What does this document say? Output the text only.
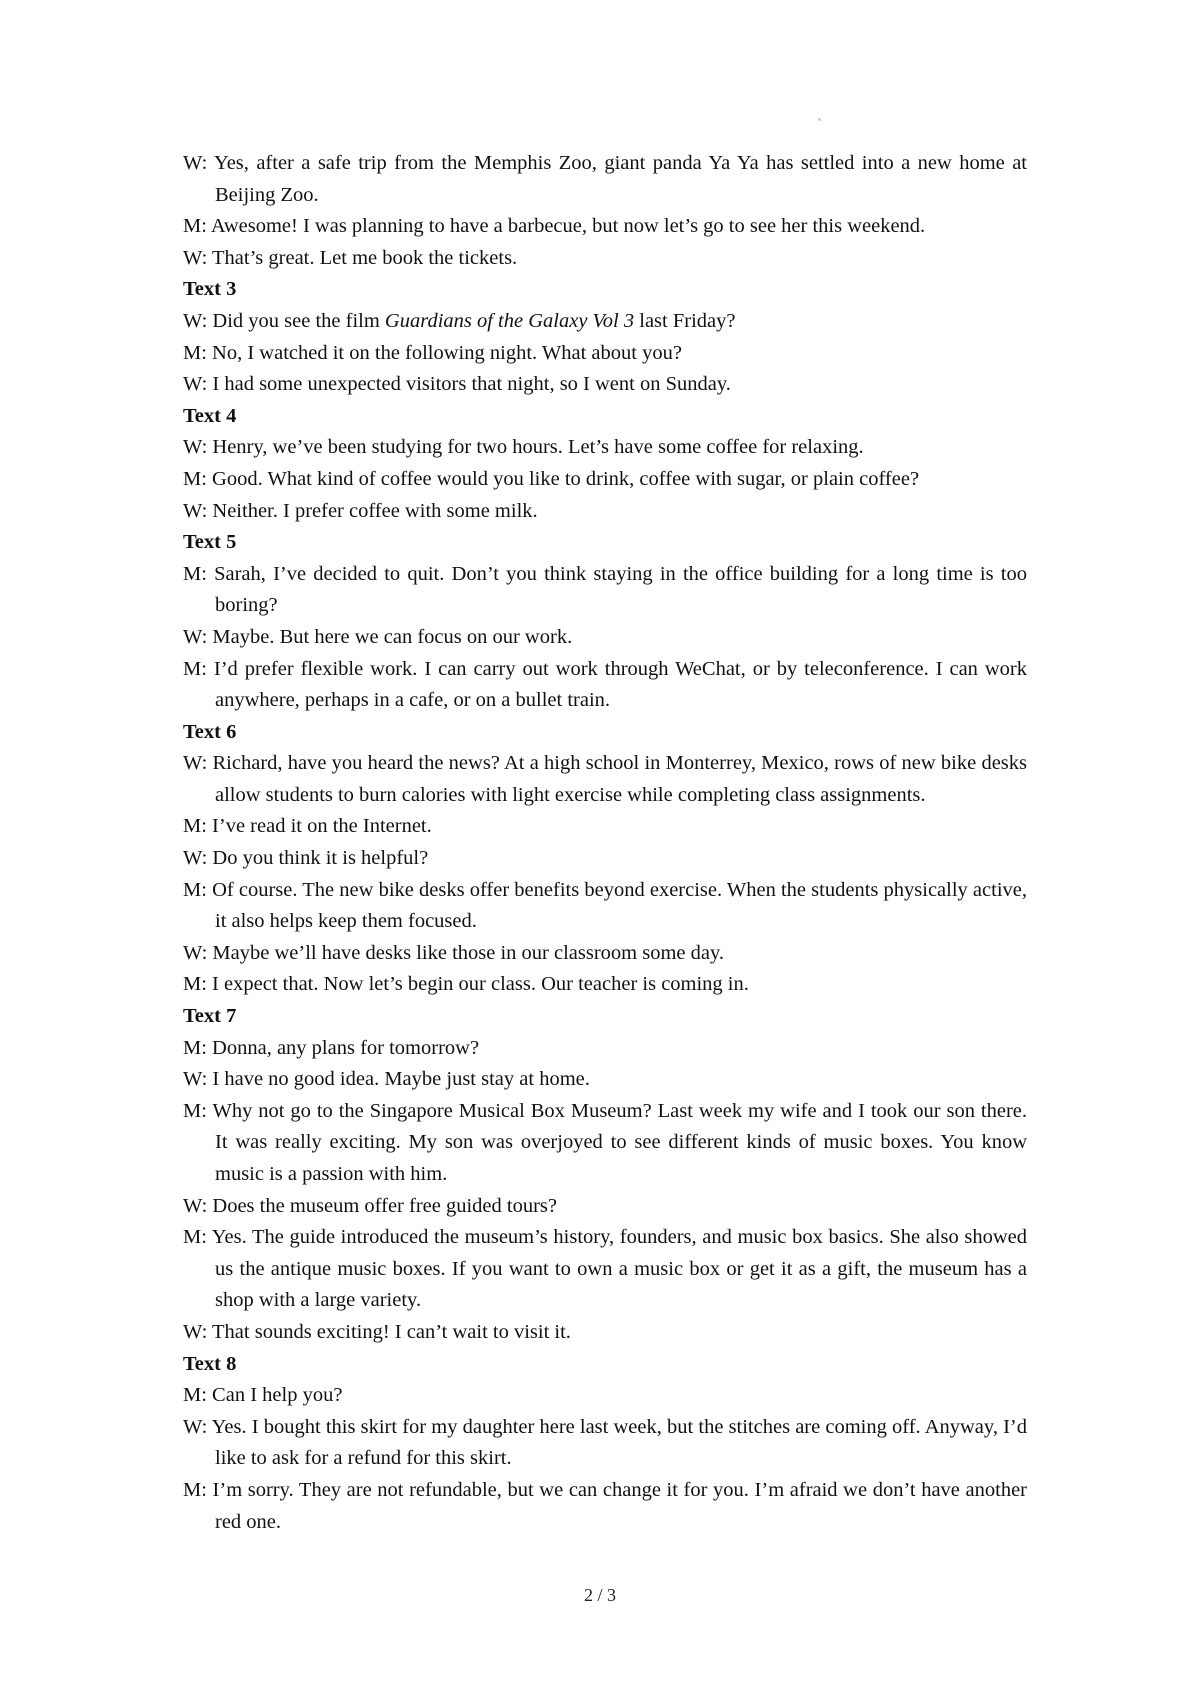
W: Yes, after a safe trip from the Memphis Zoo, giant panda Ya Ya has settled into a new home at Beijing Zoo.

M: Awesome! I was planning to have a barbecue, but now let’s go to see her this weekend.

W: That’s great. Let me book the tickets.

Text 3

W: Did you see the film Guardians of the Galaxy Vol 3 last Friday?

M: No, I watched it on the following night. What about you?

W: I had some unexpected visitors that night, so I went on Sunday.

Text 4

W: Henry, we’ve been studying for two hours. Let’s have some coffee for relaxing.

M: Good. What kind of coffee would you like to drink, coffee with sugar, or plain coffee?

W: Neither. I prefer coffee with some milk.

Text 5

M: Sarah, I’ve decided to quit. Don’t you think staying in the office building for a long time is too boring?

W: Maybe. But here we can focus on our work.

M: I’d prefer flexible work. I can carry out work through WeChat, or by teleconference. I can work anywhere, perhaps in a cafe, or on a bullet train.

Text 6

W: Richard, have you heard the news? At a high school in Monterrey, Mexico, rows of new bike desks allow students to burn calories with light exercise while completing class assignments.

M: I’ve read it on the Internet.

W: Do you think it is helpful?

M: Of course. The new bike desks offer benefits beyond exercise. When the students physically active, it also helps keep them focused.

W: Maybe we’ll have desks like those in our classroom some day.

M: I expect that. Now let’s begin our class. Our teacher is coming in.

Text 7

M: Donna, any plans for tomorrow?

W: I have no good idea. Maybe just stay at home.

M: Why not go to the Singapore Musical Box Museum? Last week my wife and I took our son there. It was really exciting. My son was overjoyed to see different kinds of music boxes. You know music is a passion with him.

W: Does the museum offer free guided tours?

M: Yes. The guide introduced the museum’s history, founders, and music box basics. She also showed us the antique music boxes. If you want to own a music box or get it as a gift, the museum has a shop with a large variety.

W: That sounds exciting! I can’t wait to visit it.

Text 8

M: Can I help you?

W: Yes. I bought this skirt for my daughter here last week, but the stitches are coming off. Anyway, I’d like to ask for a refund for this skirt.

M: I’m sorry. They are not refundable, but we can change it for you. I’m afraid we don’t have another red one.

2 / 3
